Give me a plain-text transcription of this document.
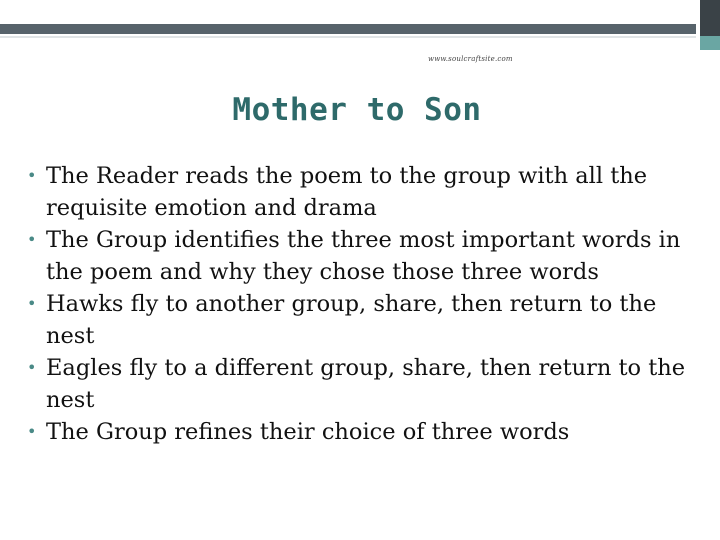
www.soulcraftsite.com
Mother to Son
• The Reader reads the poem to the group with all the requisite emotion and drama
• The Group identifies the three most important words in the poem and why they chose those three words
• Hawks fly to another group, share, then return to the nest
• Eagles fly to a different group, share, then return to the nest
• The Group refines their choice of three words
